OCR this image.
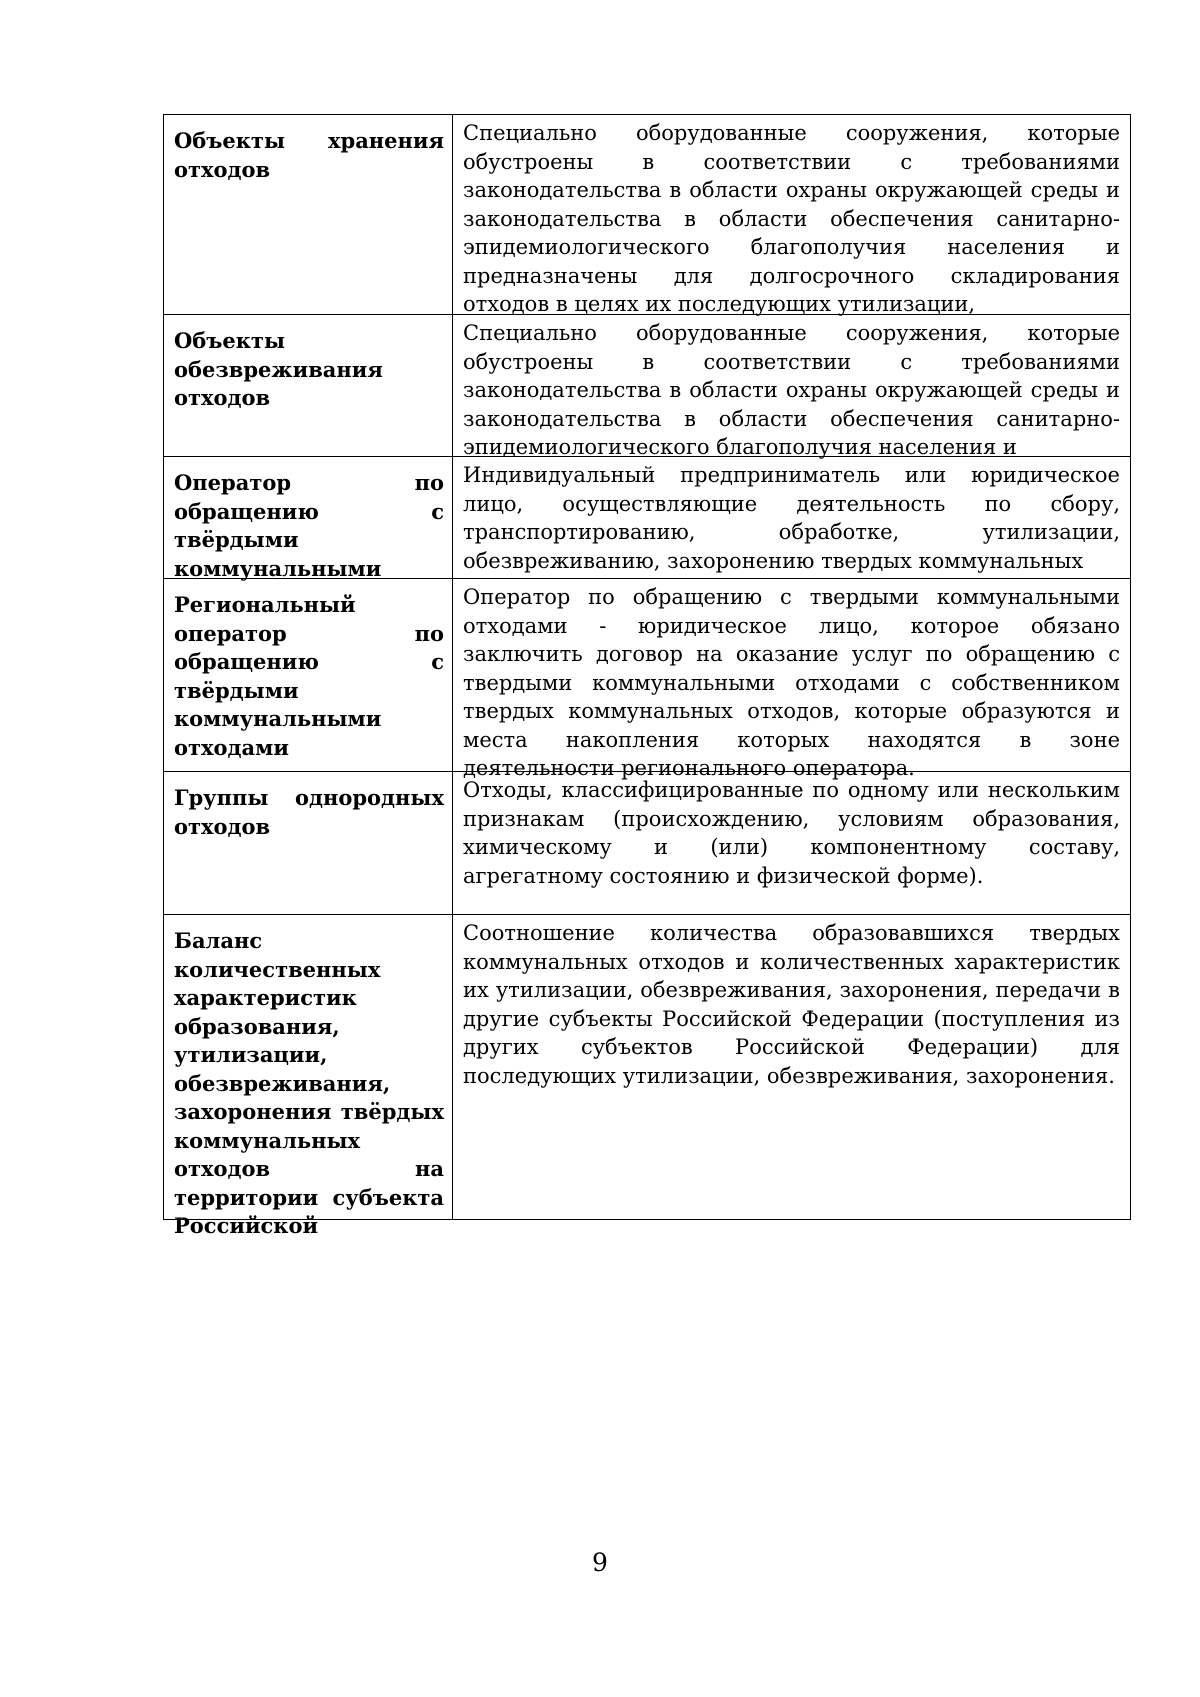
Объекты хранения отходов	Специально оборудованные сооружения, которые обустроены в соответствии с требованиями законодательства в области охраны окружающей среды и законодательства в области обеспечения санитарно-эпидемиологического благополучия населения и предназначены для долгосрочного складирования отходов в целях их последующих утилизации,

Объекты обезвреживания отходов	Специально оборудованные сооружения, которые обустроены в соответствии с требованиями законодательства в области охраны окружающей среды и законодательства в области обеспечения санитарно-эпидемиологического благополучия населения и

Оператор по обращению с твёрдыми коммунальными	Индивидуальный предприниматель или юридическое лицо, осуществляющие деятельность по сбору, транспортированию, обработке, утилизации, обезвреживанию, захоронению твердых коммунальных

Региональный оператор по обращению с твёрдыми коммунальными отходами	Оператор по обращению с твердыми коммунальными отходами - юридическое лицо, которое обязано заключить договор на оказание услуг по обращению с твердыми коммунальными отходами с собственником твердых коммунальных отходов, которые образуются и места накопления которых находятся в зоне деятельности регионального оператора.

Группы однородных отходов	Отходы, классифицированные по одному или нескольким признакам (происхождению, условиям образования, химическому и (или) компонентному составу, агрегатному состоянию и физической форме).

Баланс количественных характеристик образования, утилизации, обезвреживания, захоронения твёрдых коммунальных отходов на территории субъекта Российской	Соотношение количества образовавшихся твердых коммунальных отходов и количественных характеристик их утилизации, обезвреживания, захоронения, передачи в другие субъекты Российской Федерации (поступления из других субъектов Российской Федерации) для последующих утилизации, обезвреживания, захоронения.

9
